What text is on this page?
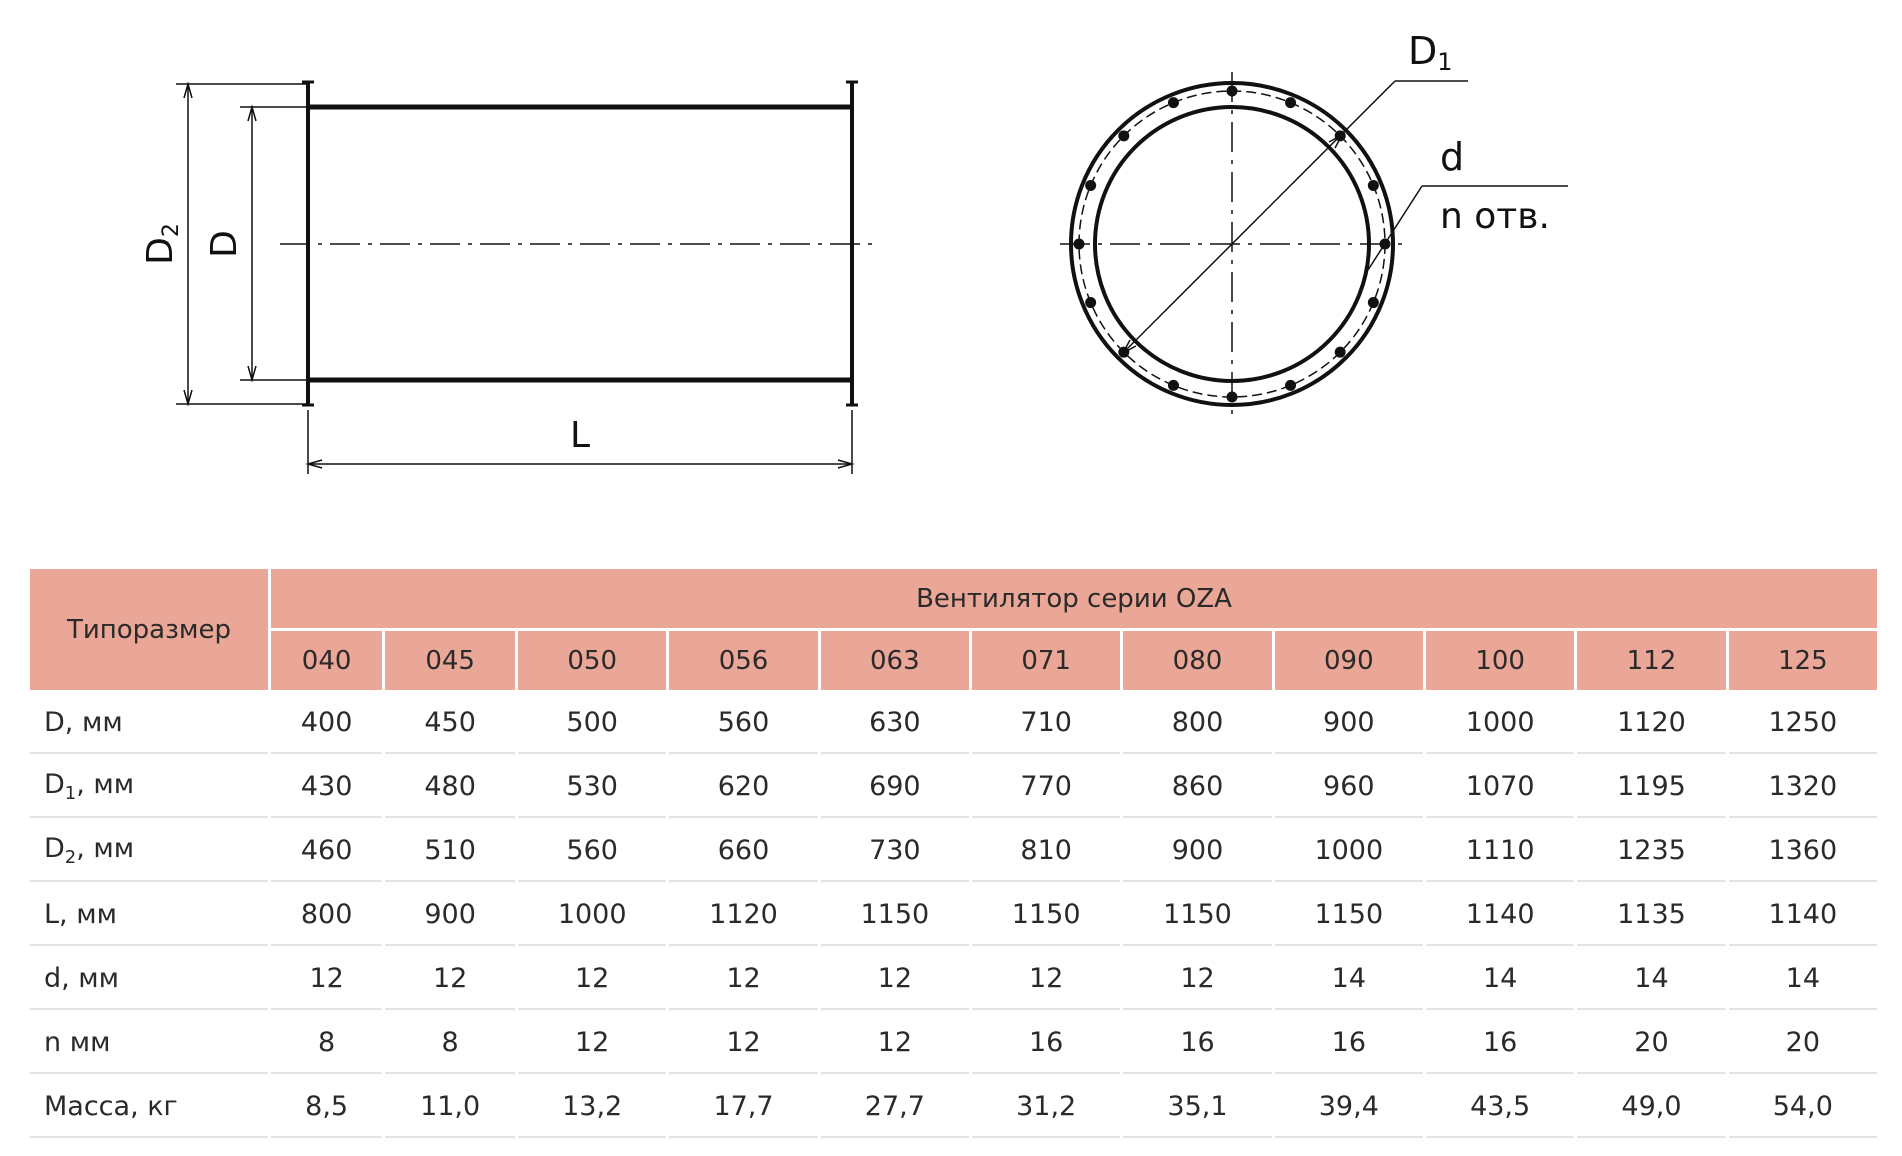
D2 D
L
D1
d
n отв.
Типоразмер	Вентилятор серии OZA										
	040	045	050	056	063	071	080	090	100	112	125
D, мм	400	450	500	560	630	710	800	900	1000	1120	1250
$D_1$, мм	430	480	530	620	690	770	860	960	1070	1195	1320
$D_2$, мм	460	510	560	660	730	810	900	1000	1110	1235	1360
L, мм	800	900	1000	1120	1150	1150	1150	1150	1140	1135	1140
d, мм	12	12	12	12	12	12	12	14	14	14	14
n мм	8	8	12	12	12	16	16	16	16	20	20
Масса, кг	8,5	11,0	13,2	17,7	27,7	31,2	35,1	39,4	43,5	49,0	54,0
